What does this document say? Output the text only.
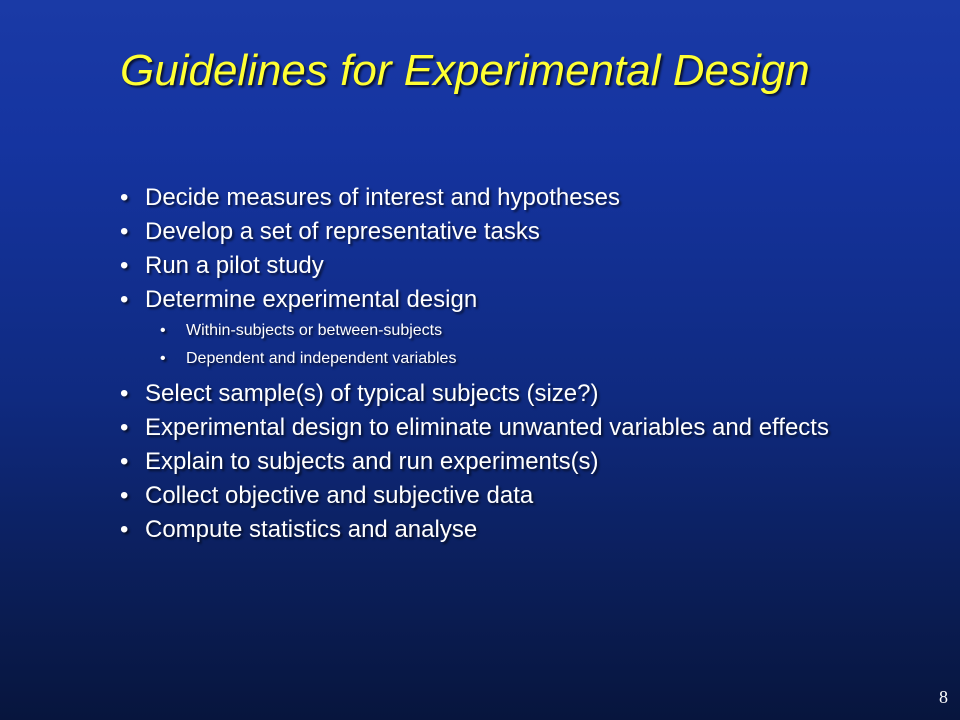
Guidelines for Experimental Design
• Decide measures of interest and hypotheses
• Develop a set of representative tasks
• Run a pilot study
• Determine experimental design
• Within-subjects or between-subjects
• Dependent and independent variables
• Select sample(s) of typical subjects (size?)
• Experimental design to eliminate unwanted variables and effects
• Explain to subjects and run experiments(s)
• Collect objective and subjective data
• Compute statistics and analyse
8
